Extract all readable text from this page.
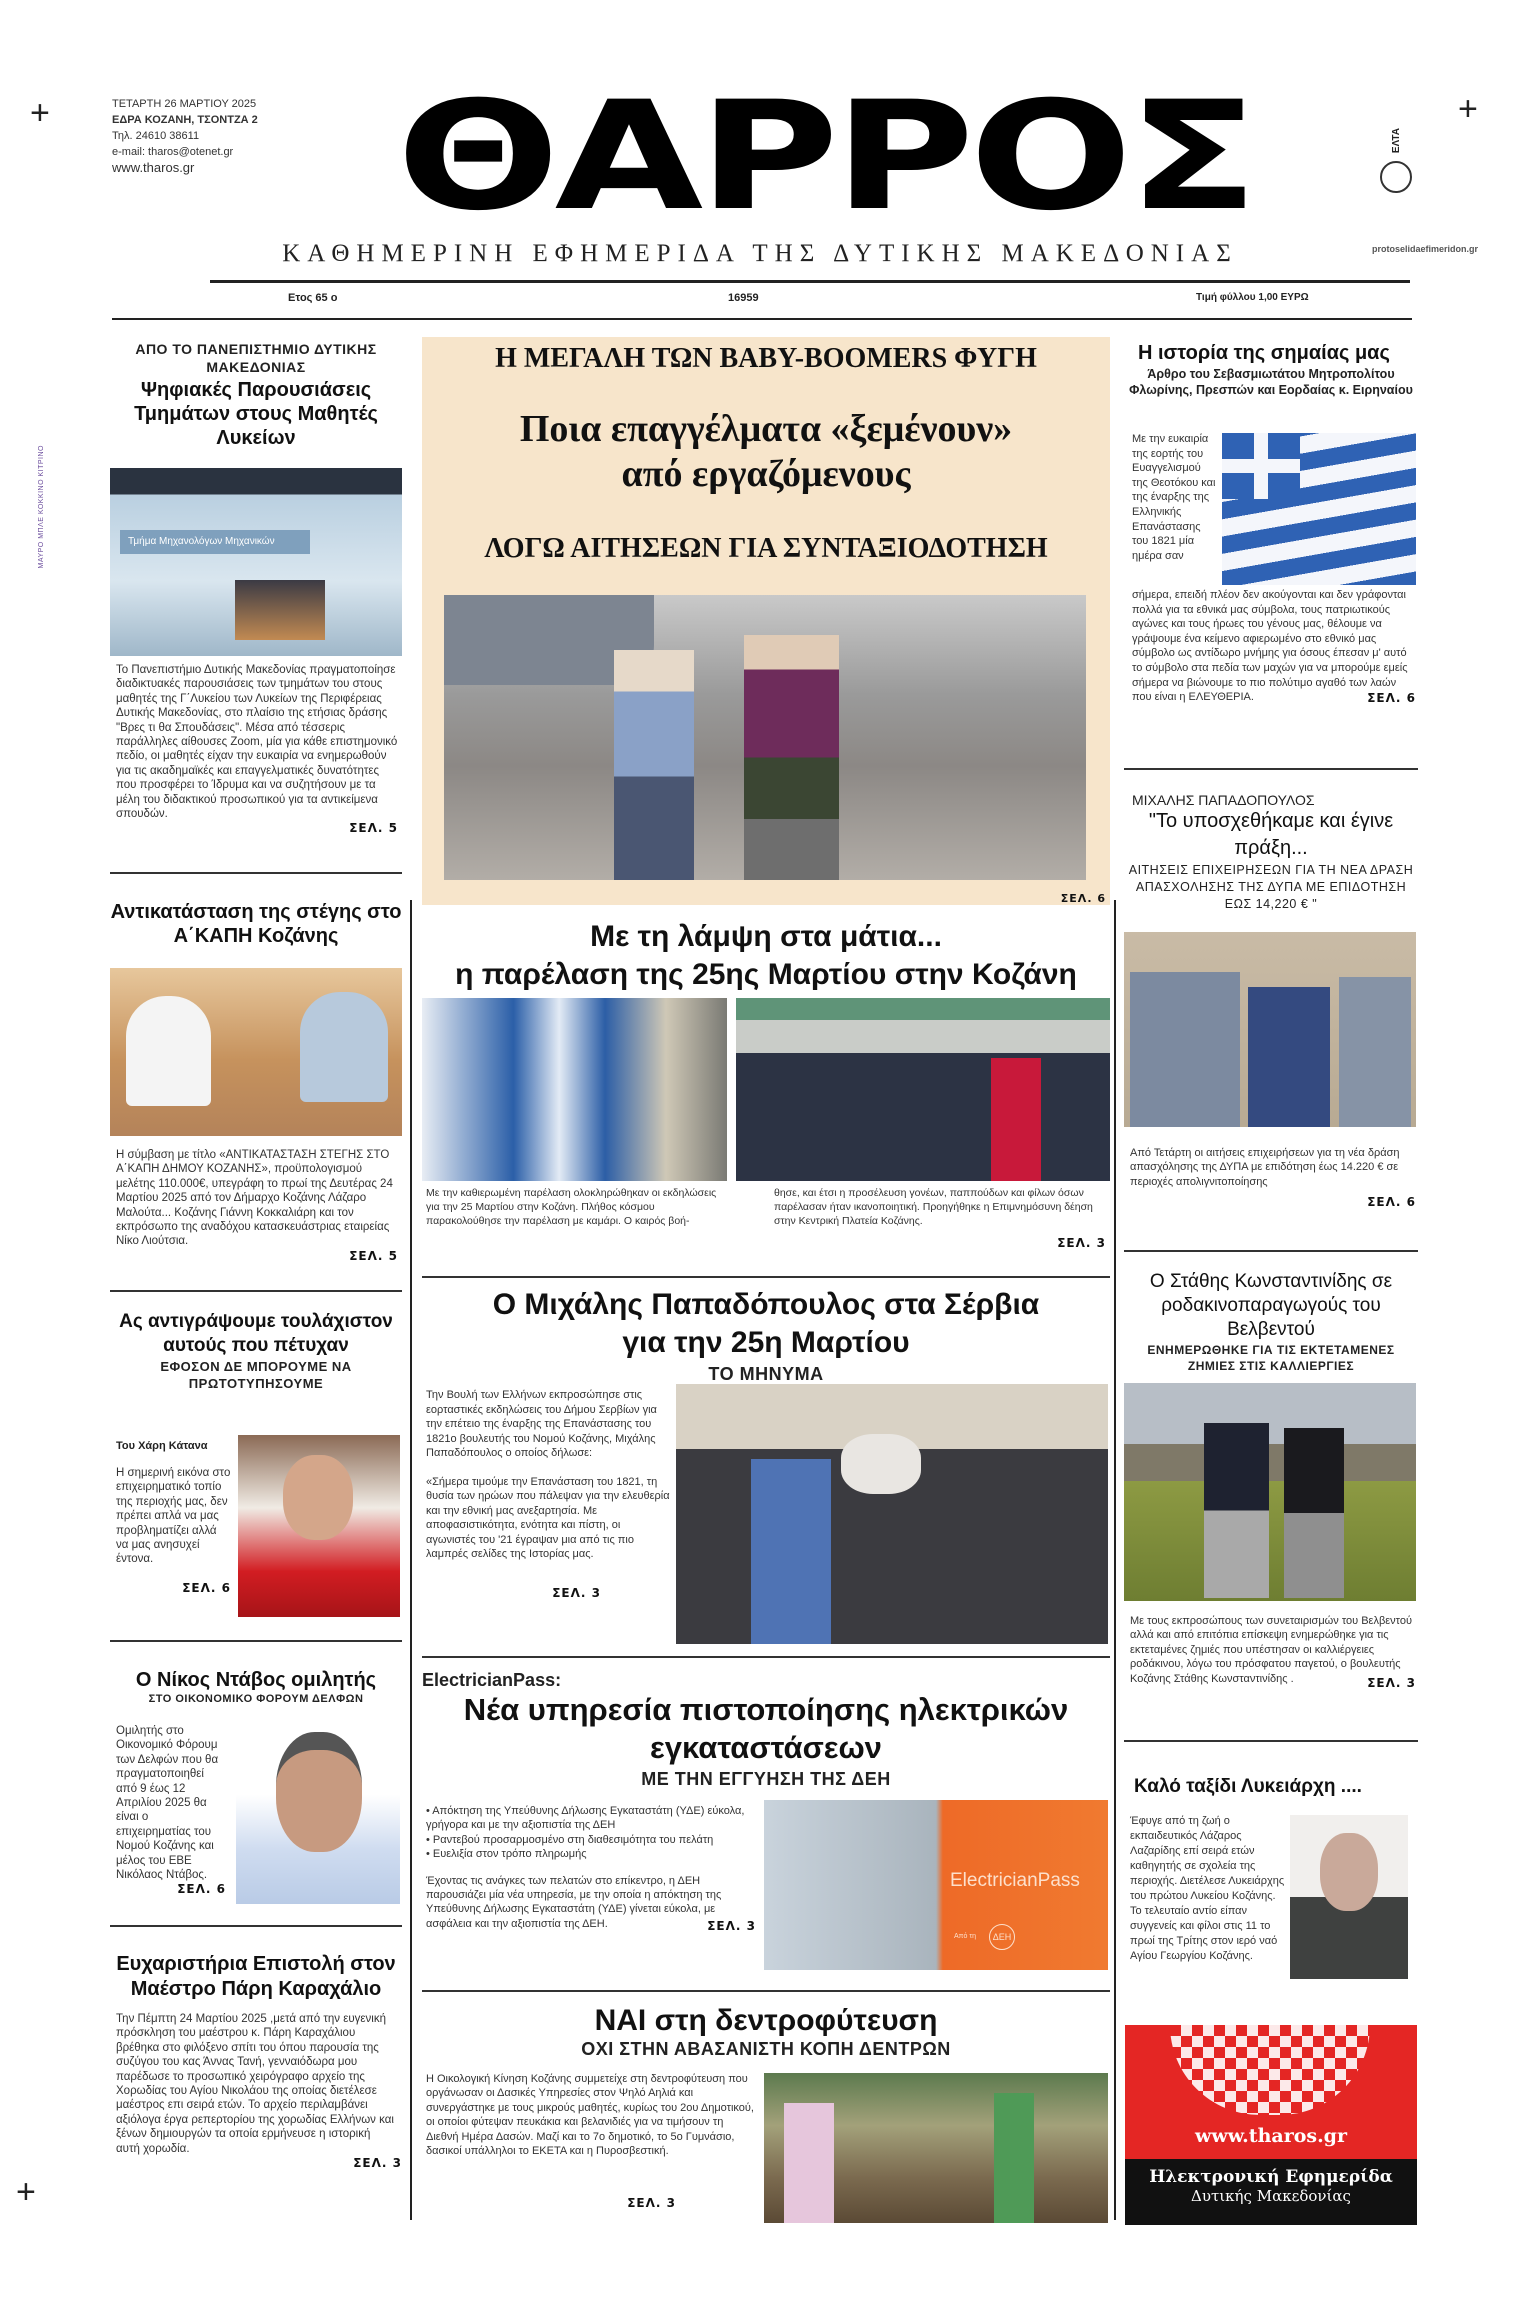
+	+
+
ΜΑΥΡΟ ΜΠΛΕ ΚΟΚΚΙΝΟ ΚΙΤΡΙΝΟ
ΤΕΤΑΡΤΗ 26 ΜΑΡΤΙΟΥ 2025
ΕΔΡΑ ΚΟΖΑΝΗ, ΤΣΟΝΤΖΑ 2
Τηλ. 24610 38611
e-mail: tharos@otenet.gr
www.tharos.gr	ΘΑΡΡΟΣ	ΕΛΤΑ
protoselidaefimeridon.gr
ΚΑΘΗΜΕΡΙΝΗ ΕΦΗΜΕΡΙΔΑ ΤΗΣ ΔΥΤΙΚΗΣ ΜΑΚΕΔΟΝΙΑΣ
Ετος 65 ο	16959	Τιμή φύλλου 1,00 ΕΥΡΩ
ΑΠΟ ΤΟ ΠΑΝΕΠΙΣΤΗΜΙΟ ΔΥΤΙΚΗΣ ΜΑΚΕΔΟΝΙΑΣ
Ψηφιακές Παρουσιάσεις Τμημάτων στους Μαθητές Λυκείων
Τμήμα Μηχανολόγων Μηχανικών
Το Πανεπιστήμιο Δυτικής Μακεδονίας πραγματοποίησε διαδικτυακές παρουσιάσεις των τμημάτων του στους μαθητές της Γ΄Λυκείου των Λυκείων της Περιφέρειας Δυτικής Μακεδονίας, στο πλαίσιο της ετήσιας δράσης "Βρες τι θα Σπουδάσεις". Μέσα από τέσσερις παράλληλες αίθουσες Zoom, μία για κάθε επιστημονικό πεδίο, οι μαθητές είχαν την ευκαιρία να ενημερωθούν για τις ακαδημαϊκές και επαγγελματικές δυνατότητες που προσφέρει το Ίδρυμα και να συζητήσουν με τα μέλη του διδακτικού προσωπικού για τα αντικείμενα σπουδών.
ΣΕΛ. 5
Αντικατάσταση της στέγης στο Α΄ΚΑΠΗ Κοζάνης
Η σύμβαση με τίτλο «ΑΝΤΙΚΑΤΑΣΤΑΣΗ ΣΤΕΓΗΣ ΣΤΟ Α΄ΚΑΠΗ ΔΗΜΟΥ ΚΟΖΑΝΗΣ», προϋπολογισμού μελέτης 110.000€, υπεγράφη το πρωί της Δευτέρας 24 Μαρτίου 2025 από τον Δήμαρχο Κοζάνης Λάζαρο Μαλούτα... Κοζάνης Γιάννη Κοκκαλιάρη και τον εκπρόσωπο της αναδόχου κατασκευάστριας εταιρείας Νίκο Λιούτσια.
ΣΕΛ. 5
Ας αντιγράψουμε τουλάχιστον αυτούς που πέτυχαν
ΕΦΟΣΟΝ ΔΕ ΜΠΟΡΟΥΜΕ ΝΑ ΠΡΩΤΟΤΥΠΗΣΟΥΜΕ
Του Χάρη Κάτανα
Η σημερινή εικόνα στο επιχειρηματικό τοπίο της περιοχής μας, δεν πρέπει απλά να μας προβληματίζει αλλά να μας ανησυχεί έντονα.
ΣΕΛ. 6
Ο Νίκος Ντάβος ομιλητής
ΣΤΟ ΟΙΚΟΝΟΜΙΚΟ ΦΟΡΟΥΜ ΔΕΛΦΩΝ
Ομιλητής στο Οικονομικό Φόρουμ των Δελφών που θα πραγματοποιηθεί από 9 έως 12 Απριλίου 2025 θα είναι ο επιχειρηματίας του Νομού Κοζάνης και μέλος του ΕΒΕ Νικόλαος Ντάβος.
ΣΕΛ. 6
Ευχαριστήρια Επιστολή στον Μαέστρο Πάρη Καραχάλιο
Την Πέμπτη 24 Μαρτίου 2025 ,μετά από την ευγενική πρόσκληση του μαέστρου κ. Πάρη Καραχάλιου βρέθηκα στο φιλόξενο σπίτι του όπου παρουσία της συζύγου του κας Άννας Τανή, γενναιόδωρα μου παρέδωσε το προσωπικό χειρόγραφο αρχείο της Χορωδίας του Αγίου Νικολάου της οποίας διετέλεσε μαέστρος επι σειρά ετών. Το αρχείο περιλαμβάνει αξιόλογα έργα ρεπερτορίου της χορωδίας Ελλήνων και ξένων δημιουργών τα οποία ερμήνευσε η ιστορική αυτή χορωδία.
ΣΕΛ. 3
Η ΜΕΓΑΛΗ ΤΩΝ BABY-BOOMERS ΦΥΓΗ
Ποια επαγγέλματα «ξεμένουν»
από εργαζόμενους
ΛΟΓΩ ΑΙΤΗΣΕΩΝ ΓΙΑ ΣΥΝΤΑΞΙΟΔΟΤΗΣΗ
ΣΕΛ. 6
Με τη λάμψη στα μάτια...
η παρέλαση της 25ης Μαρτίου στην Κοζάνη
Με την καθιερωμένη παρέλαση ολοκληρώθηκαν οι εκδηλώσεις για την 25 Μαρτίου στην Κοζάνη. Πλήθος κόσμου παρακολούθησε την παρέλαση με καμάρι. Ο καιρός βοή-
θησε, και έτσι η προσέλευση γονέων, παππούδων και φίλων όσων παρέλασαν ήταν ικανοποιητική. Προηγήθηκε η Επιμνημόσυνη δέηση στην Κεντρική Πλατεία Κοζάνης.
ΣΕΛ. 3
Ο Μιχάλης Παπαδόπουλος στα Σέρβια
για την 25η Μαρτίου
ΤΟ ΜΗΝΥΜΑ
Την Βουλή των Ελλήνων εκπροσώπησε στις εορταστικές εκδηλώσεις του Δήμου Σερβίων για την επέτειο της έναρξης της Επανάστασης του 1821ο βουλευτής του Νομού Κοζάνης, Μιχάλης Παπαδόπουλος ο οποίος δήλωσε:
«Σήμερα τιμούμε την Επανάσταση του 1821, τη θυσία των ηρώων που πάλεψαν για την ελευθερία και την εθνική μας ανεξαρτησία. Με αποφασιστικότητα, ενότητα και πίστη, οι αγωνιστές του '21 έγραψαν μια από τις πιο λαμπρές σελίδες της Ιστορίας μας.
ΣΕΛ. 3
ElectricianPass:
Νέα υπηρεσία πιστοποίησης ηλεκτρικών
εγκαταστάσεων
ΜΕ ΤΗΝ ΕΓΓΥΗΣΗ ΤΗΣ ΔΕΗ
• Απόκτηση της Υπεύθυνης Δήλωσης Εγκαταστάτη (ΥΔΕ) εύκολα, γρήγορα και με την αξιοπιστία της ΔΕΗ
• Ραντεβού προσαρμοσμένο στη διαθεσιμότητα του πελάτη
• Ευελιξία στον τρόπο πληρωμής
Έχοντας τις ανάγκες των πελατών στο επίκεντρο, η ΔΕΗ παρουσιάζει μία νέα υπηρεσία, με την οποία η απόκτηση της Υπεύθυνης Δήλωσης Εγκαταστάτη (ΥΔΕ) γίνεται εύκολα, με ασφάλεια και την αξιοπιστία της ΔΕΗ.	ΣΕΛ. 3
ElectricianPass
Από τη	ΔΕΗ
ΝΑΙ στη δεντροφύτευση
ΟΧΙ ΣΤΗΝ ΑΒΑΣΑΝΙΣΤΗ ΚΟΠΗ ΔΕΝΤΡΩΝ
Η Οικολογική Κίνηση Κοζάνης συμμετείχε στη δεντροφύτευση που οργάνωσαν οι Δασικές Υπηρεσίες στον Ψηλό Αηλιά και συνεργάστηκε με τους μικρούς μαθητές, κυρίως του 2ου Δημοτικού, οι οποίοι φύτεψαν πευκάκια και βελανιδιές για να τιμήσουν τη Διεθνή Ημέρα Δασών. Μαζί και το 7ο δημοτικό, το 5ο Γυμνάσιο, δασικοί υπάλληλοι το ΕΚΕΤΑ και η Πυροσβεστική.
ΣΕΛ. 3
Η ιστορία της σημαίας μας
Άρθρο του Σεβασμιωτάτου Μητροπολίτου Φλωρίνης, Πρεσπών και Εορδαίας κ. Ειρηναίου
Με την ευκαιρία της εορτής του Ευαγγελισμού της Θεοτόκου και της έναρξης της Ελληνικής Επανάστασης του 1821 μία ημέρα σαν
σήμερα, επειδή πλέον δεν ακούγονται και δεν γράφονται πολλά για τα εθνικά μας σύμβολα, τους πατριωτικούς αγώνες και τους ήρωες του γένους μας, θέλουμε να γράψουμε ένα κείμενο αφιερωμένο στο εθνικό μας σύμβολο ως αντίδωρο μνήμης για όσους έπεσαν μ' αυτό το σύμβολο στα πεδία των μαχών για να μπορούμε εμείς σήμερα να βιώνουμε το πιο πολύτιμο αγαθό των λαών που είναι η ΕΛΕΥΘΕΡΙΑ.	ΣΕΛ. 6
ΜΙΧΑΛΗΣ ΠΑΠΑΔΟΠΟΥΛΟΣ
"Το υποσχεθήκαμε και έγινε πράξη...
ΑΙΤΗΣΕΙΣ ΕΠΙΧΕΙΡΗΣΕΩΝ ΓΙΑ ΤΗ ΝΕΑ ΔΡΑΣΗ ΑΠΑΣΧΟΛΗΣΗΣ ΤΗΣ ΔΥΠΑ ΜΕ ΕΠΙΔΟΤΗΣΗ ΕΩΣ 14,220 € "
Από Τετάρτη οι αιτήσεις επιχειρήσεων για τη νέα δράση απασχόλησης της ΔΥΠΑ με επιδότηση έως 14.220 € σε περιοχές απολιγνιτοποίησης
ΣΕΛ. 6
Ο Στάθης Κωνσταντινίδης σε ροδακινοπαραγωγούς του Βελβεντού
ΕΝΗΜΕΡΩΘΗΚΕ ΓΙΑ ΤΙΣ ΕΚΤΕΤΑΜΕΝΕΣ ΖΗΜΙΕΣ ΣΤΙΣ ΚΑΛΛΙΕΡΓΙΕΣ
Με τους εκπροσώπους των συνεταιρισμών του Βελβεντού αλλά και από επιτόπια επίσκεψη ενημερώθηκε για τις εκτεταμένες ζημιές που υπέστησαν οι καλλιέργειες ροδάκινου, λόγω του πρόσφατου παγετού, ο βουλευτής Κοζάνης Στάθης Κωνσταντινίδης .	ΣΕΛ. 3
Καλό ταξίδι Λυκειάρχη ....
Έφυγε από τη ζωή ο εκπαιδευτικός Λάζαρος Λαζαρίδης επί σειρά ετών καθηγητής σε σχολεία της περιοχής. Διετέλεσε Λυκειάρχης του πρώτου Λυκείου Κοζάνης. Το τελευταίο αντίο είπαν συγγενείς και φίλοι στις 11 το πρωί της Τρίτης στον ιερό ναό Αγίου Γεωργίου Κοζάνης.
www.tharos.gr
Ηλεκτρονική Εφημερίδα
Δυτικής Μακεδονίας
